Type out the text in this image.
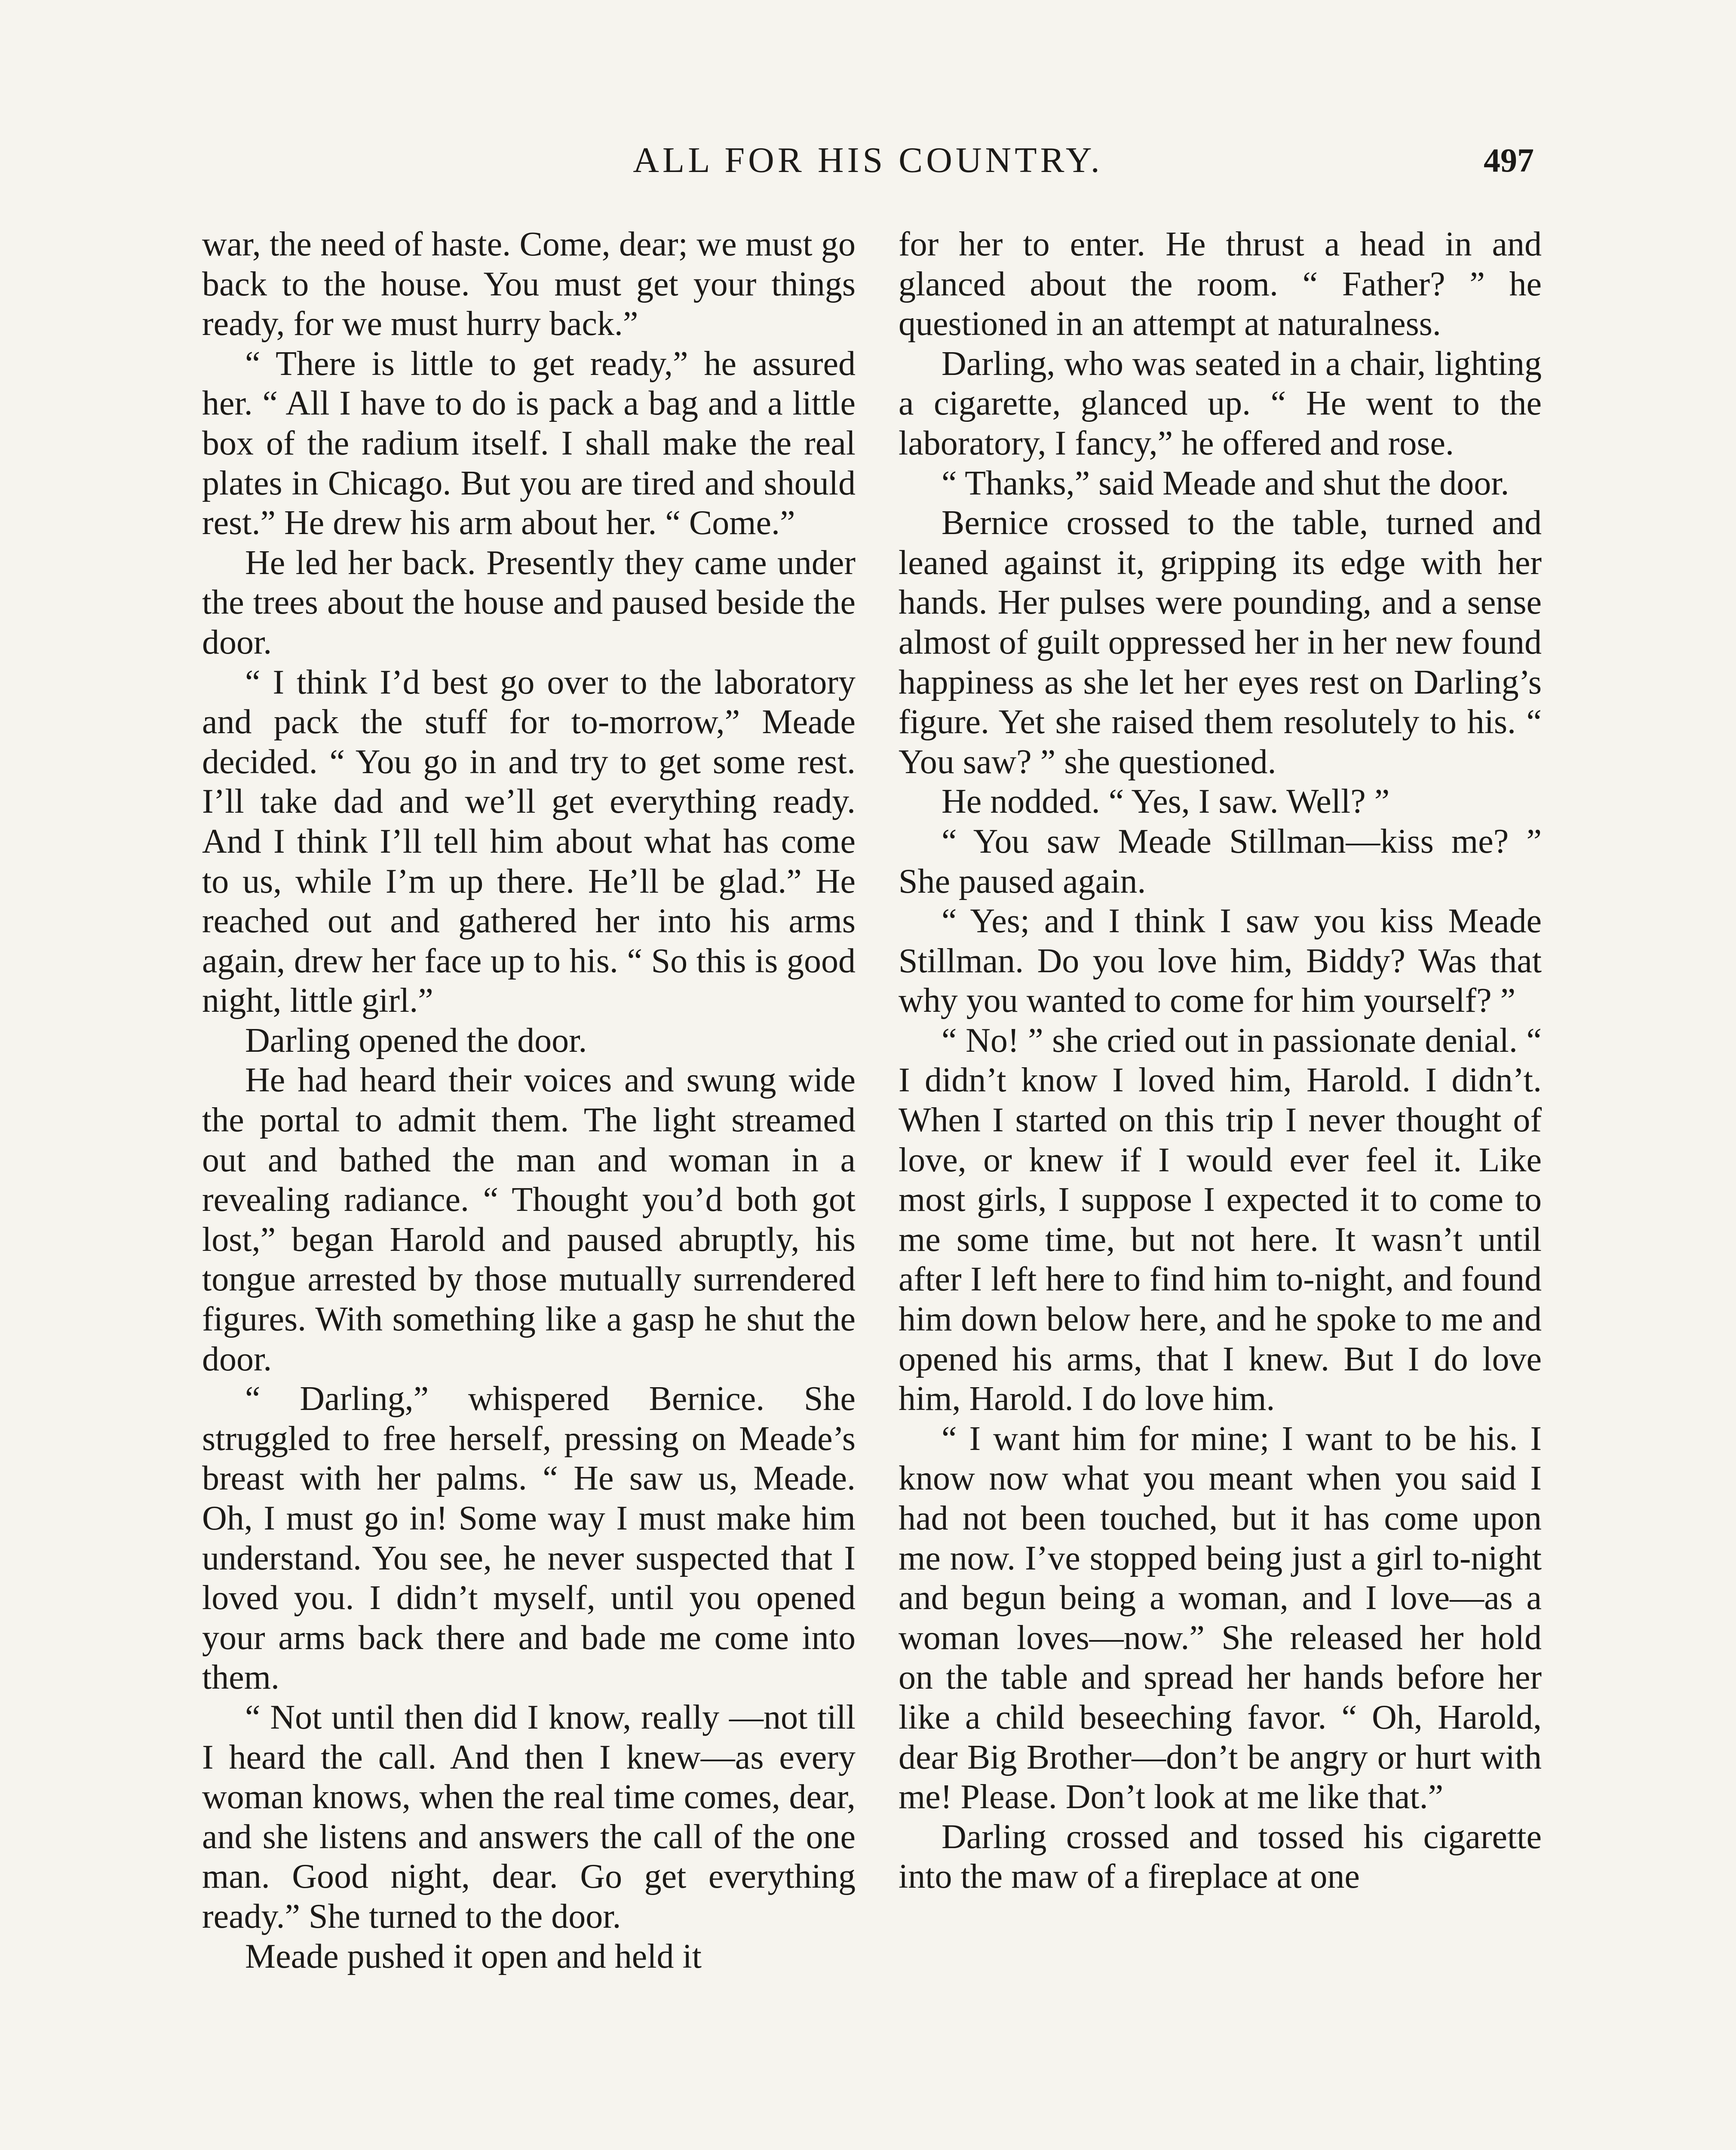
ALL FOR HIS COUNTRY.	497

war, the need of haste. Come, dear; we must go back to the house. You must get your things ready, for we must hurry back.”

“ There is little to get ready,” he assured her. “ All I have to do is pack a bag and a little box of the radium itself. I shall make the real plates in Chicago. But you are tired and should rest.” He drew his arm about her. “ Come.”

He led her back. Presently they came under the trees about the house and paused beside the door.

“ I think I’d best go over to the laboratory and pack the stuff for to-morrow,” Meade decided. “ You go in and try to get some rest. I’ll take dad and we’ll get everything ready. And I think I’ll tell him about what has come to us, while I’m up there. He’ll be glad.” He reached out and gathered her into his arms again, drew her face up to his. “ So this is good night, little girl.”

Darling opened the door.

He had heard their voices and swung wide the portal to admit them. The light streamed out and bathed the man and woman in a revealing radiance. “ Thought you’d both got lost,” began Harold and paused abruptly, his tongue arrested by those mutually surrendered figures. With something like a gasp he shut the door.

“ Darling,” whispered Bernice. She struggled to free herself, pressing on Meade’s breast with her palms. “ He saw us, Meade. Oh, I must go in! Some way I must make him understand. You see, he never suspected that I loved you. I didn’t myself, until you opened your arms back there and bade me come into them.

“ Not until then did I know, really —not till I heard the call. And then I knew—as every woman knows, when the real time comes, dear, and she listens and answers the call of the one man. Good night, dear. Go get everything ready.” She turned to the door.

Meade pushed it open and held it

for her to enter. He thrust a head in and glanced about the room. “ Father? ” he questioned in an attempt at naturalness.

Darling, who was seated in a chair, lighting a cigarette, glanced up. “ He went to the laboratory, I fancy,” he offered and rose.

“ Thanks,” said Meade and shut the door.

Bernice crossed to the table, turned and leaned against it, gripping its edge with her hands. Her pulses were pounding, and a sense almost of guilt oppressed her in her new found happiness as she let her eyes rest on Darling’s figure. Yet she raised them resolutely to his. “ You saw? ” she questioned.

He nodded. “ Yes, I saw. Well? ”

“ You saw Meade Stillman—kiss me? ” She paused again.

“ Yes; and I think I saw you kiss Meade Stillman. Do you love him, Biddy? Was that why you wanted to come for him yourself? ”

“ No! ” she cried out in passionate denial. “ I didn’t know I loved him, Harold. I didn’t. When I started on this trip I never thought of love, or knew if I would ever feel it. Like most girls, I suppose I expected it to come to me some time, but not here. It wasn’t until after I left here to find him to-night, and found him down below here, and he spoke to me and opened his arms, that I knew. But I do love him, Harold. I do love him.

“ I want him for mine; I want to be his. I know now what you meant when you said I had not been touched, but it has come upon me now. I’ve stopped being just a girl to-night and begun being a woman, and I love—as a woman loves—now.” She released her hold on the table and spread her hands before her like a child beseeching favor. “ Oh, Harold, dear Big Brother—don’t be angry or hurt with me! Please. Don’t look at me like that.”

Darling crossed and tossed his cigarette into the maw of a fireplace at one
